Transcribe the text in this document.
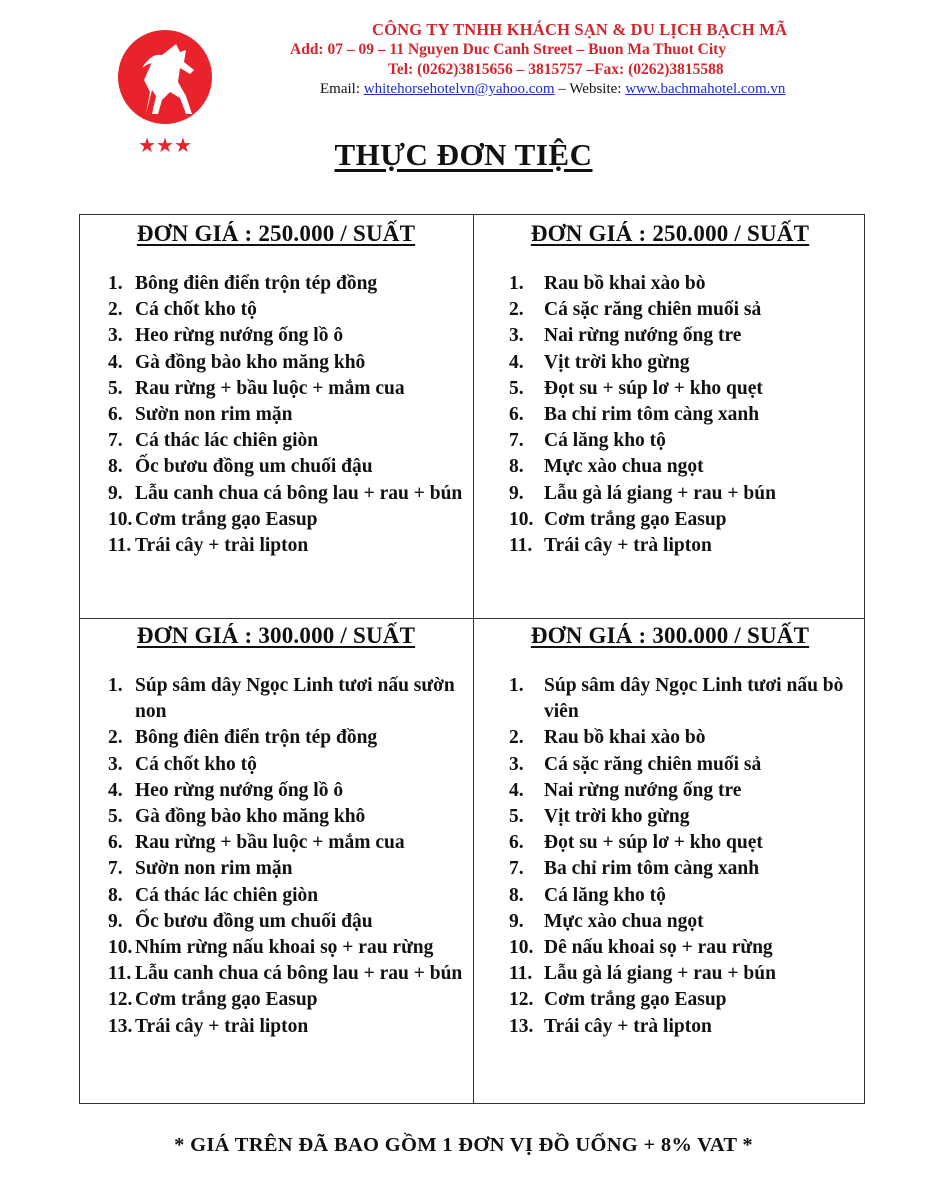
★★★
CÔNG TY TNHH KHÁCH SẠN & DU LỊCH BẠCH MÃ
Add: 07 – 09 – 11 Nguyen Duc Canh Street – Buon Ma Thuot City
Tel: (0262)3815656 – 3815757 –Fax: (0262)3815588
Email: whitehorsehotelvn@yahoo.com – Website: www.bachmahotel.com.vn
THỰC ĐƠN TIỆC
ĐƠN GIÁ : 250.000 / SUẤT
1. Bông điên điển trộn tép đồng
2. Cá chốt kho tộ
3. Heo rừng nướng ống lồ ô
4. Gà đồng bào kho măng khô
5. Rau rừng + bầu luộc + mắm cua
6. Sườn non rim mặn
7. Cá thác lác chiên giòn
8. Ốc bươu đồng um chuối đậu
9. Lẫu canh chua cá bông lau + rau + bún
10. Cơm trắng gạo Easup
11. Trái cây + trài lipton
ĐƠN GIÁ : 250.000 / SUẤT
1. Rau bồ khai xào bò
2. Cá sặc răng chiên muối sả
3. Nai rừng nướng ống tre
4. Vịt trời kho gừng
5. Đọt su + súp lơ + kho quẹt
6. Ba chỉ rim tôm càng xanh
7. Cá lăng kho tộ
8. Mực xào chua ngọt
9. Lẫu gà lá giang + rau + bún
10. Cơm trắng gạo Easup
11. Trái cây + trà lipton
ĐƠN GIÁ : 300.000 / SUẤT
1. Súp sâm dây Ngọc Linh tươi nấu sườn non
2. Bông điên điển trộn tép đồng
3. Cá chốt kho tộ
4. Heo rừng nướng ống lồ ô
5. Gà đồng bào kho măng khô
6. Rau rừng + bầu luộc + mắm cua
7. Sườn non rim mặn
8. Cá thác lác chiên giòn
9. Ốc bươu đồng um chuối đậu
10. Nhím rừng nấu khoai sọ + rau rừng
11. Lẫu canh chua cá bông lau + rau + bún
12. Cơm trắng gạo Easup
13. Trái cây + trài lipton
ĐƠN GIÁ : 300.000 / SUẤT
1. Súp sâm dây Ngọc Linh tươi nấu bò viên
2. Rau bồ khai xào bò
3. Cá sặc răng chiên muối sả
4. Nai rừng nướng ống tre
5. Vịt trời kho gừng
6. Đọt su + súp lơ + kho quẹt
7. Ba chỉ rim tôm càng xanh
8. Cá lăng kho tộ
9. Mực xào chua ngọt
10. Dê nấu khoai sọ + rau rừng
11. Lẫu gà lá giang + rau + bún
12. Cơm trắng gạo Easup
13. Trái cây + trà lipton
* GIÁ TRÊN ĐÃ BAO GỒM 1 ĐƠN VỊ ĐỒ UỐNG + 8% VAT *
